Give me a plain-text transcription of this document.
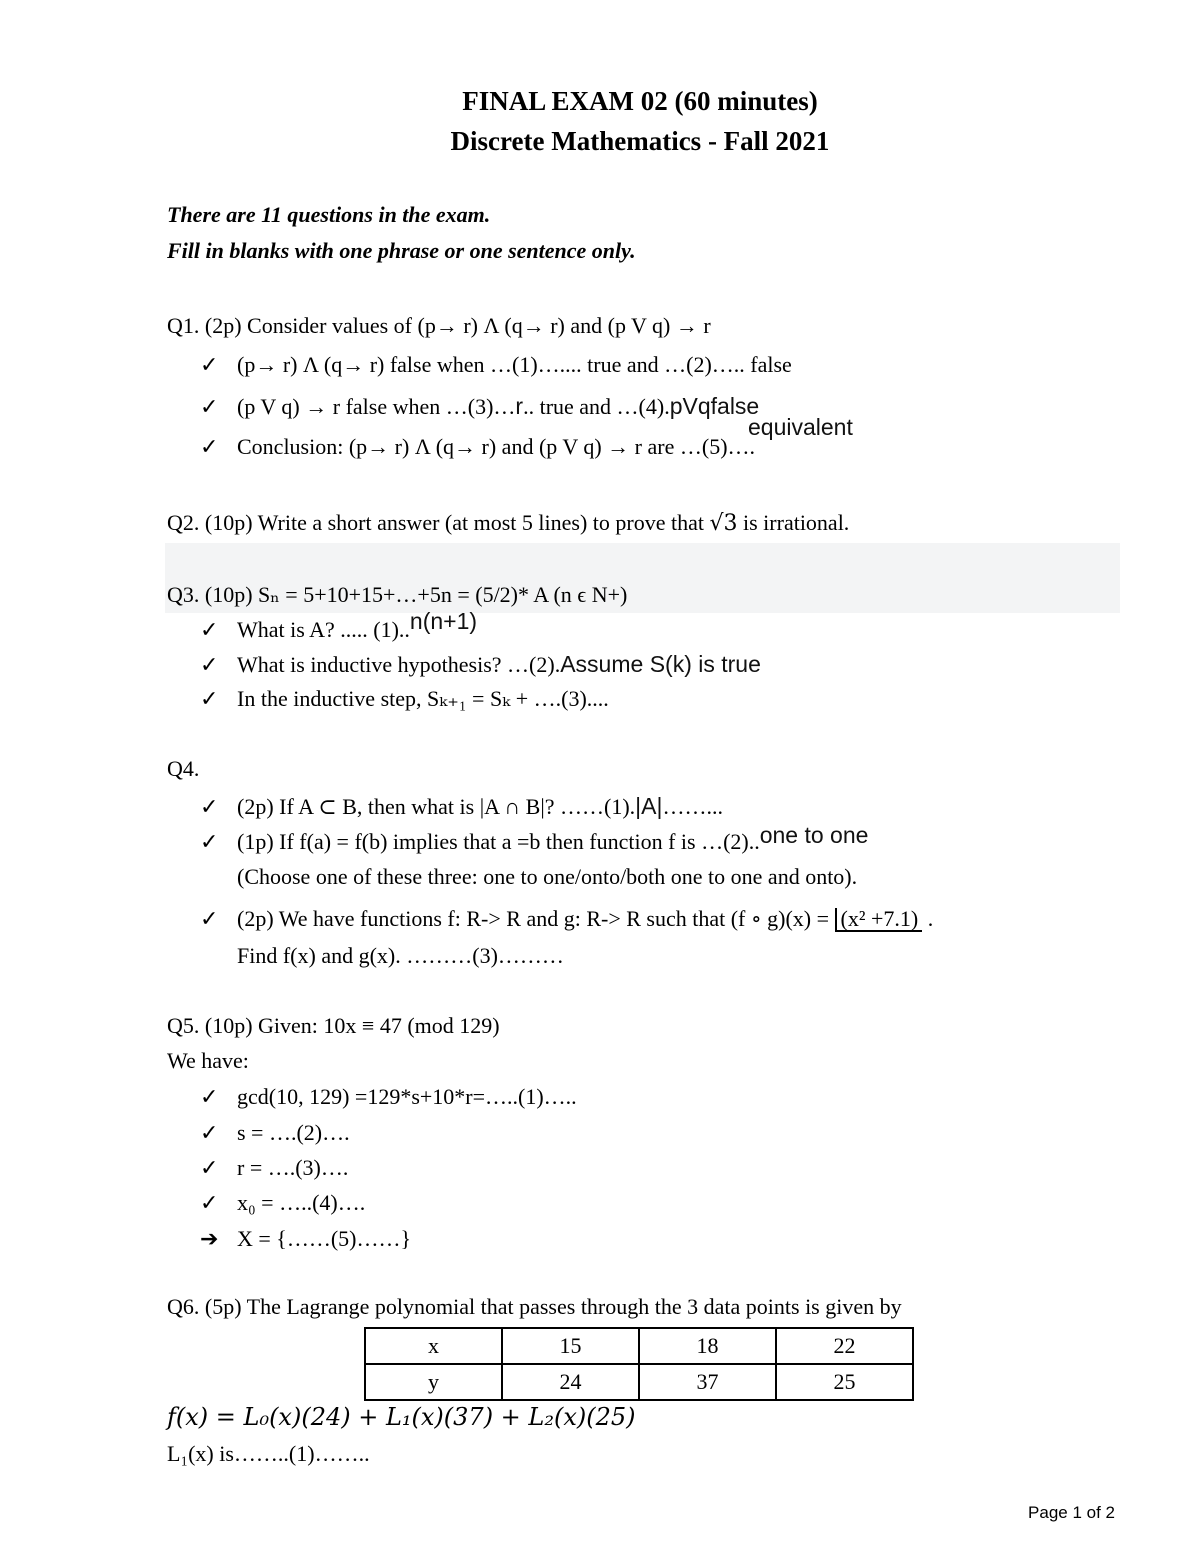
FINAL EXAM 02 (60 minutes)
Discrete Mathematics - Fall 2021
There are 11 questions in the exam.
Fill in blanks with one phrase or one sentence only.
Q1. (2p) Consider values of (p→ r) Λ (q→ r) and (p V q) → r
✓ (p→ r) Λ (q→ r) false when …(1)….... true and …(2)….. false
✓ (p V q) → r false when …(3)…r.. true and …(4).pVqfalse
equivalent
✓ Conclusion: (p→ r) Λ (q→ r) and (p V q) → r are …(5)….
Q2. (10p) Write a short answer (at most 5 lines) to prove that √3 is irrational.
Q3. (10p) Sₙ = 5+10+15+…+5n = (5/2)* A (n ϵ N+)
✓ What is A? ..... (1)..n(n+1)
✓ What is inductive hypothesis? …(2).Assume S(k) is true
✓ In the inductive step, Sₖ₊₁ = Sₖ + ….(3)....
Q4.
✓ (2p) If A ⊂ B, then what is |A ∩ B|? ……(1).|A|……...
✓ (1p) If f(a) = f(b) implies that a =b then function f is …(2)..one to one
(Choose one of these three: one to one/onto/both one to one and onto).
✓ (2p) We have functions f: R-> R and g: R-> R such that (f ∘ g)(x) = (x² +7.1) .
Find f(x) and g(x). ………(3)………
Q5. (10p) Given: 10x ≡ 47 (mod 129)
We have:
✓ gcd(10, 129) =129*s+10*r=…..(1)…..
✓ s = ….(2)….
✓ r = ….(3)….
✓ x₀ = …..(4)….
➔ X = {……(5)……}
Q6. (5p) The Lagrange polynomial that passes through the 3 data points is given by
x	15	18	22
y	24	37	25
f(x) = L₀(x)(24) + L₁(x)(37) + L₂(x)(25)
L₁(x) is……..(1)……..
Page 1 of 2
